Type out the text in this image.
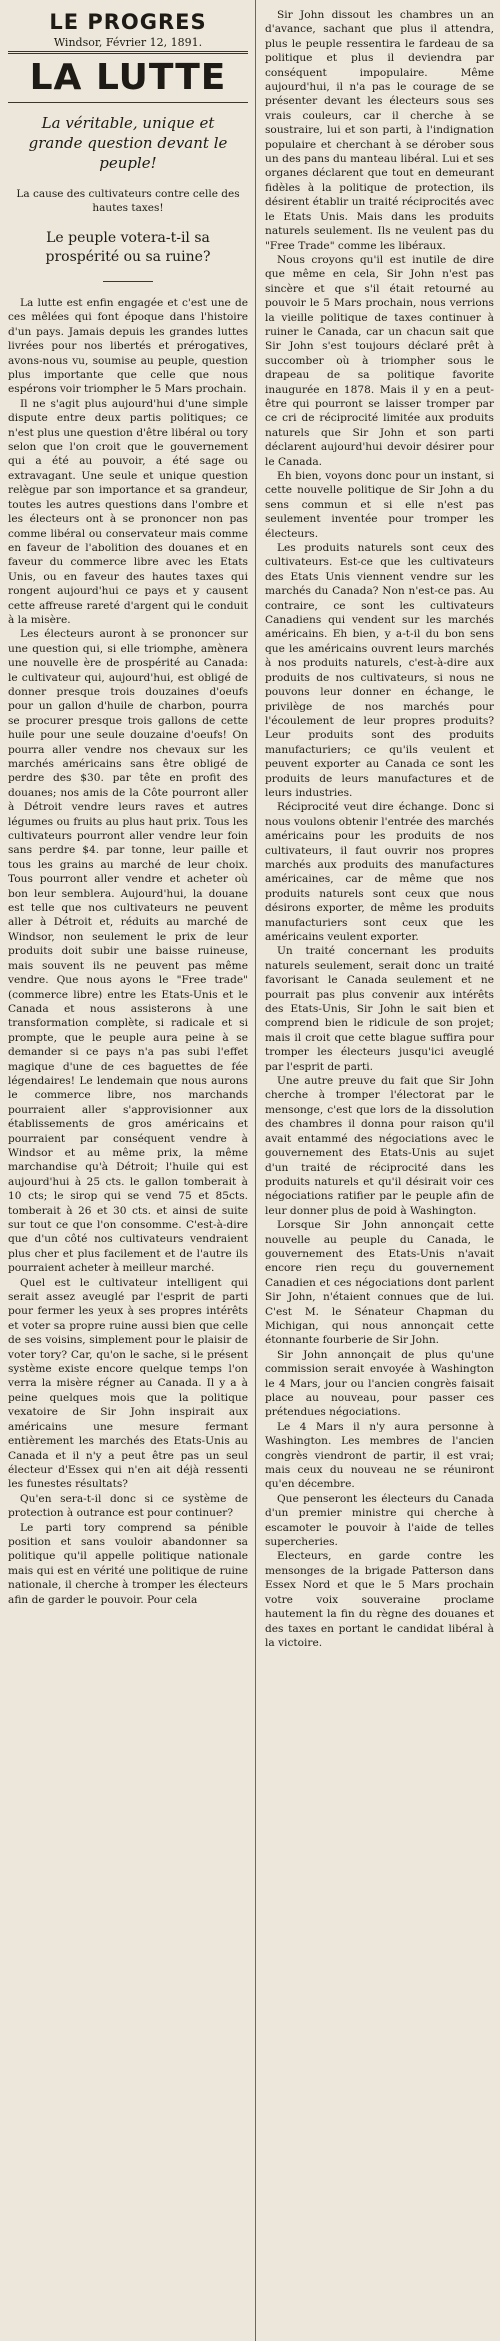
LE PROGRES
Windsor, Février 12, 1891.
LA LUTTE
La véritable, unique et grande question devant le peuple!
La cause des cultivateurs contre celle des hautes taxes!
Le peuple votera-t-il sa prospérité ou sa ruine?

La lutte est enfin engagée et c'est une de ces mêlées qui font époque dans l'histoire d'un pays. Jamais depuis les grandes luttes livrées pour nos libertés et prérogatives, avons-nous vu, soumise au peuple, question plus importante que celle que nous espérons voir triompher le 5 Mars prochain.

Il ne s'agit plus aujourd'hui d'une simple dispute entre deux partis politiques; ce n'est plus une question d'être libéral ou tory selon que l'on croit que le gouvernement qui a été au pouvoir, a été sage ou extravagant. Une seule et unique question relègue par son importance et sa grandeur, toutes les autres questions dans l'ombre et les électeurs ont à se prononcer non pas comme libéral ou conservateur mais comme en faveur de l'abolition des douanes et en faveur du commerce libre avec les Etats Unis, ou en faveur des hautes taxes qui rongent aujourd'hui ce pays et y causent cette affreuse rareté d'argent qui le conduit à la misère.

Les électeurs auront à se prononcer sur une question qui, si elle triomphe, amènera une nouvelle ère de prospérité au Canada: le cultivateur qui, aujourd'hui, est obligé de donner presque trois douzaines d'oeufs pour un gallon d'huile de charbon, pourra se procurer presque trois gallons de cette huile pour une seule douzaine d'oeufs! On pourra aller vendre nos chevaux sur les marchés américains sans être obligé de perdre des $30. par tête en profit des douanes; nos amis de la Côte pourront aller à Détroit vendre leurs raves et autres légumes ou fruits au plus haut prix. Tous les cultivateurs pourront aller vendre leur foin sans perdre $4. par tonne, leur paille et tous les grains au marché de leur choix. Tous pourront aller vendre et acheter où bon leur semblera. Aujourd'hui, la douane est telle que nos cultivateurs ne peuvent aller à Détroit et, réduits au marché de Windsor, non seulement le prix de leur produits doit subir une baisse ruineuse, mais souvent ils ne peuvent pas même vendre. Que nous ayons le "Free trade" (commerce libre) entre les Etats-Unis et le Canada et nous assisterons à une transformation complète, si radicale et si prompte, que le peuple aura peine à se demander si ce pays n'a pas subi l'effet magique d'une de ces baguettes de fée légendaires! Le lendemain que nous aurons le commerce libre, nos marchands pourraient aller s'approvisionner aux établissements de gros américains et pourraient par conséquent vendre à Windsor et au même prix, la même marchandise qu'à Détroit; l'huile qui est aujourd'hui à 25 cts. le gallon tomberait à 10 cts; le sirop qui se vend 75 et 85cts. tomberait à 26 et 30 cts. et ainsi de suite sur tout ce que l'on consomme. C'est-à-dire que d'un côté nos cultivateurs vendraient plus cher et plus facilement et de l'autre ils pourraient acheter à meilleur marché.

Quel est le cultivateur intelligent qui serait assez aveuglé par l'esprit de parti pour fermer les yeux à ses propres intérêts et voter sa propre ruine aussi bien que celle de ses voisins, simplement pour le plaisir de voter tory? Car, qu'on le sache, si le présent système existe encore quelque temps l'on verra la misère régner au Canada. Il y a à peine quelques mois que la politique vexatoire de Sir John inspirait aux américains une mesure fermant entièrement les marchés des Etats-Unis au Canada et il n'y a peut être pas un seul électeur d'Essex qui n'en ait déjà ressenti les funestes résultats?

Qu'en sera-t-il donc si ce système de protection à outrance est pour continuer?

Le parti tory comprend sa pénible position et sans vouloir abandonner sa politique qu'il appelle politique nationale mais qui est en vérité une politique de ruine nationale, il cherche à tromper les électeurs afin de garder le pouvoir. Pour cela

Sir John dissout les chambres un an d'avance, sachant que plus il attendra, plus le peuple ressentira le fardeau de sa politique et plus il deviendra par conséquent impopulaire. Même aujourd'hui, il n'a pas le courage de se présenter devant les électeurs sous ses vrais couleurs, car il cherche à se soustraire, lui et son parti, à l'indignation populaire et cherchant à se dérober sous un des pans du manteau libéral. Lui et ses organes déclarent que tout en demeurant fidèles à la politique de protection, ils désirent établir un traité réciprocités avec le Etats Unis. Mais dans les produits naturels seulement. Ils ne veulent pas du "Free Trade" comme les libéraux.

Nous croyons qu'il est inutile de dire que même en cela, Sir John n'est pas sincère et que s'il était retourné au pouvoir le 5 Mars prochain, nous verrions la vieille politique de taxes continuer à ruiner le Canada, car un chacun sait que Sir John s'est toujours déclaré prêt à succomber où à triompher sous le drapeau de sa politique favorite inaugurée en 1878. Mais il y en a peut-être qui pourront se laisser tromper par ce cri de réciprocité limitée aux produits naturels que Sir John et son parti déclarent aujourd'hui devoir désirer pour le Canada.

Eh bien, voyons donc pour un instant, si cette nouvelle politique de Sir John a du sens commun et si elle n'est pas seulement inventée pour tromper les électeurs.

Les produits naturels sont ceux des cultivateurs. Est-ce que les cultivateurs des Etats Unis viennent vendre sur les marchés du Canada? Non n'est-ce pas. Au contraire, ce sont les cultivateurs Canadiens qui vendent sur les marchés américains. Eh bien, y a-t-il du bon sens que les américains ouvrent leurs marchés à nos produits naturels, c'est-à-dire aux produits de nos cultivateurs, si nous ne pouvons leur donner en échange, le privilège de nos marchés pour l'écoulement de leur propres produits? Leur produits sont des produits manufacturiers; ce qu'ils veulent et peuvent exporter au Canada ce sont les produits de leurs manufactures et de leurs industries.

Réciprocité veut dire échange. Donc si nous voulons obtenir l'entrée des marchés américains pour les produits de nos cultivateurs, il faut ouvrir nos propres marchés aux produits des manufactures américaines, car de même que nos produits naturels sont ceux que nous désirons exporter, de même les produits manufacturiers sont ceux que les américains veulent exporter.

Un traité concernant les produits naturels seulement, serait donc un traité favorisant le Canada seulement et ne pourrait pas plus convenir aux intérêts des Etats-Unis, Sir John le sait bien et comprend bien le ridicule de son projet; mais il croit que cette blague suffira pour tromper les électeurs jusqu'ici aveuglé par l'esprit de parti.

Une autre preuve du fait que Sir John cherche à tromper l'électorat par le mensonge, c'est que lors de la dissolution des chambres il donna pour raison qu'il avait entammé des négociations avec le gouvernement des Etats-Unis au sujet d'un traité de réciprocité dans les produits naturels et qu'il désirait voir ces négociations ratifier par le peuple afin de leur donner plus de poid à Washington.

Lorsque Sir John annonçait cette nouvelle au peuple du Canada, le gouvernement des Etats-Unis n'avait encore rien reçu du gouvernement Canadien et ces négociations dont parlent Sir John, n'étaient connues que de lui. C'est M. le Sénateur Chapman du Michigan, qui nous annonçait cette étonnante fourberie de Sir John.

Sir John annonçait de plus qu'une commission serait envoyée à Washington le 4 Mars, jour ou l'ancien congrès faisait place au nouveau, pour passer ces prétendues négociations.

Le 4 Mars il n'y aura personne à Washington. Les membres de l'ancien congrès viendront de partir, il est vrai; mais ceux du nouveau ne se réuniront qu'en décembre.

Que penseront les électeurs du Canada d'un premier ministre qui cherche à escamoter le pouvoir à l'aide de telles supercheries.

Electeurs, en garde contre les mensonges de la brigade Patterson dans Essex Nord et que le 5 Mars prochain votre voix souveraine proclame hautement la fin du règne des douanes et des taxes en portant le candidat libéral à la victoire.
